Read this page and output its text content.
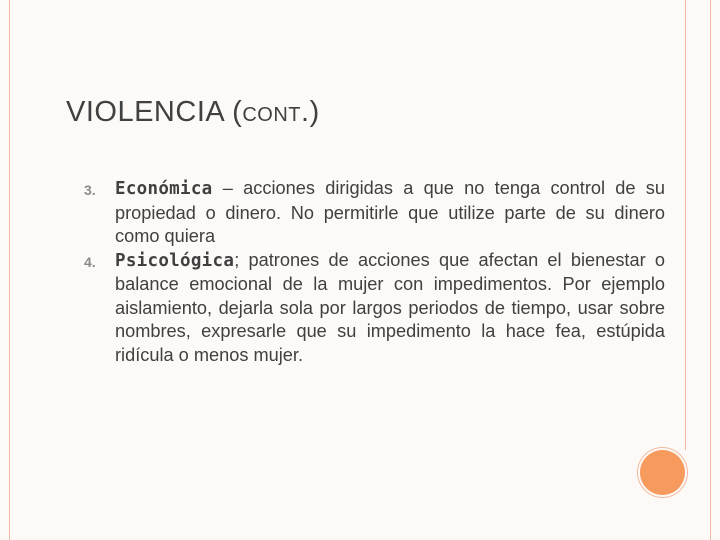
VIOLENCIA (CONT.)
3. Económica – acciones dirigidas a que no tenga control de su propiedad o dinero. No permitirle que utilize parte de su dinero como quiera
4. Psicológica; patrones de acciones que afectan el bienestar o balance emocional de la mujer con impedimentos. Por ejemplo aislamiento, dejarla sola por largos periodos de tiempo, usar sobre nombres, expresarle que su impedimento la hace fea, estúpida ridícula o menos mujer.
